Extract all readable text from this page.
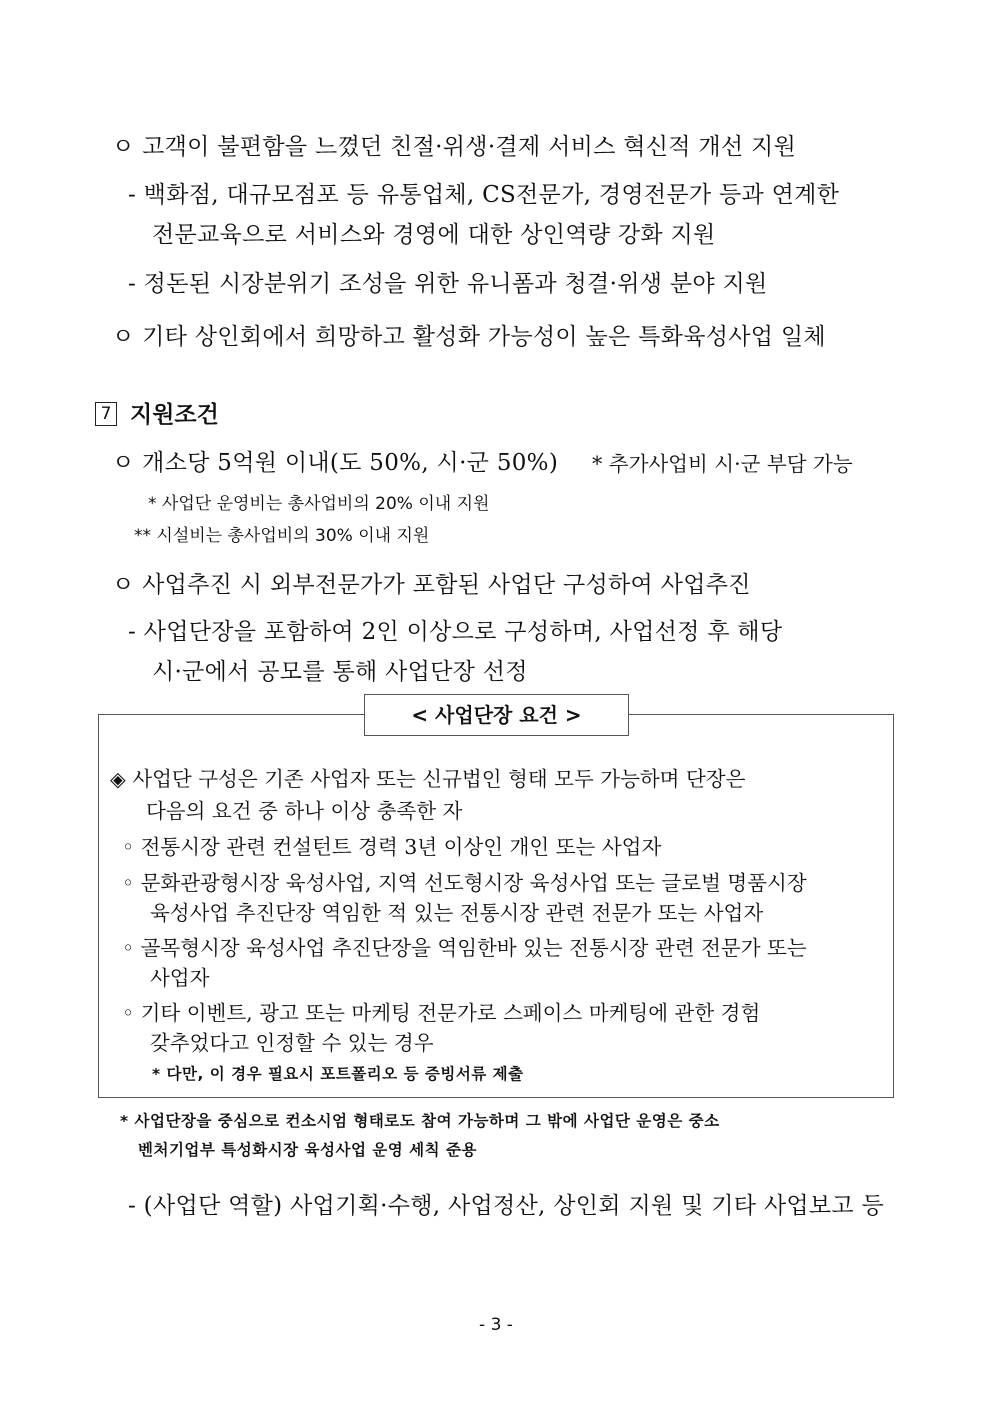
ㅇ 고객이 불편함을 느꼈던 친절·위생·결제 서비스 혁신적 개선 지원
- 백화점, 대규모점포 등 유통업체, CS전문가, 경영전문가 등과 연계한
전문교육으로 서비스와 경영에 대한 상인역량 강화 지원
- 정돈된 시장분위기 조성을 위한 유니폼과 청결·위생 분야 지원
ㅇ 기타 상인회에서 희망하고 활성화 가능성이 높은 특화육성사업 일체
7 지원조건
ㅇ 개소당 5억원 이내(도 50%, 시·군 50%) * 추가사업비 시·군 부담 가능
* 사업단 운영비는 총사업비의 20% 이내 지원
** 시설비는 총사업비의 30% 이내 지원
ㅇ 사업추진 시 외부전문가가 포함된 사업단 구성하여 사업추진
- 사업단장을 포함하여 2인 이상으로 구성하며, 사업선정 후 해당
시·군에서 공모를 통해 사업단장 선정
< 사업단장 요건 >
◈ 사업단 구성은 기존 사업자 또는 신규법인 형태 모두 가능하며 단장은
다음의 요건 중 하나 이상 충족한 자
◦ 전통시장 관련 컨설턴트 경력 3년 이상인 개인 또는 사업자
◦ 문화관광형시장 육성사업, 지역 선도형시장 육성사업 또는 글로벌 명품시장
육성사업 추진단장 역임한 적 있는 전통시장 관련 전문가 또는 사업자
◦ 골목형시장 육성사업 추진단장을 역임한바 있는 전통시장 관련 전문가 또는
사업자
◦ 기타 이벤트, 광고 또는 마케팅 전문가로 스페이스 마케팅에 관한 경험
갖추었다고 인정할 수 있는 경우
* 다만, 이 경우 필요시 포트폴리오 등 증빙서류 제출
* 사업단장을 중심으로 컨소시엄 형태로도 참여 가능하며 그 밖에 사업단 운영은 중소
벤처기업부 특성화시장 육성사업 운영 세칙 준용
- (사업단 역할) 사업기획·수행, 사업정산, 상인회 지원 및 기타 사업보고 등
- 3 -
